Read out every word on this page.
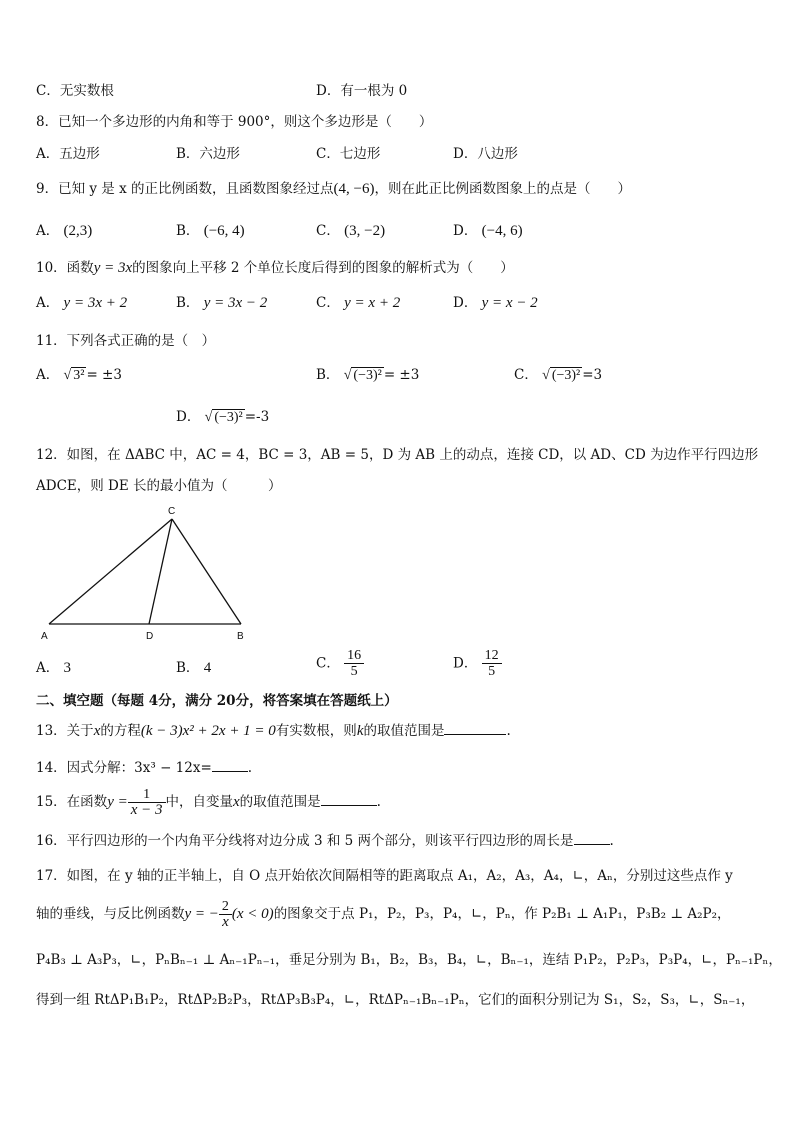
C．无实数根	D．有一根为 0
8．已知一个多边形的内角和等于 900°，则这个多边形是（　　）
A．五边形	B．六边形	C．七边形	D．八边形
9．已知 y 是 x 的正比例函数，且函数图象经过点(4, −6)，则在此正比例函数图象上的点是（　　）
A． (2,3)	B． (−6, 4)	C． (3, −2)	D． (−4, 6)
10．函数y = 3x的图象向上平移 2 个单位长度后得到的图象的解析式为（　　）
A． y = 3x + 2	B． y = 3x − 2	C． y = x + 2	D． y = x − 2
11．下列各式正确的是（　）
A． √ 3² = ±3	B． √ (−3)² = ±3	C． √ (−3)² =3
D． √ (−3)² =-3
12．如图，在 ΔABC 中，AC = 4，BC = 3，AB = 5，D 为 AB 上的动点，连接 CD，以 AD、CD 为边作平行四边形
ADCE，则 DE 长的最小值为（　　　）
A	D	B
C
A． 3	B． 4	C． $\frac{16}{5}$	D． $\frac{12}{5}$
二、填空题（每题 4分，满分 20分，将答案填在答题纸上）
13．关于x的方程(k − 3)x² + 2x + 1 = 0有实数根，则k的取值范围是	.
14．因式分解：3x³ − 12x=	.
15．在函数$y = \frac{1}{x - 3}$ 中，自变量x的取值范围是	.
16．平行四边形的一个内角平分线将对边分成 3 和 5 两个部分，则该平行四边形的周长是	.
17．如图，在 y 轴的正半轴上，自 O 点开始依次间隔相等的距离取点 A₁，A₂，A₃，A₄，∟，Aₙ，分别过这些点作 y
轴的垂线，与反比例函数y = − $\frac{2}{x} (x < 0)$的图象交于点 P₁，P₂，P₃，P₄，∟，Pₙ，作 P₂B₁ ⊥ A₁P₁，P₃B₂ ⊥ A₂P₂，
P₄B₃ ⊥ A₃P₃，∟，PₙBₙ₋₁ ⊥ Aₙ₋₁Pₙ₋₁，垂足分别为 B₁，B₂，B₃，B₄，∟，Bₙ₋₁，连结 P₁P₂，P₂P₃，P₃P₄，∟，Pₙ₋₁Pₙ，
得到一组 RtΔP₁B₁P₂，RtΔP₂B₂P₃，RtΔP₃B₃P₄，∟，RtΔPₙ₋₁Bₙ₋₁Pₙ，它们的面积分别记为 S₁，S₂，S₃，∟，Sₙ₋₁，
